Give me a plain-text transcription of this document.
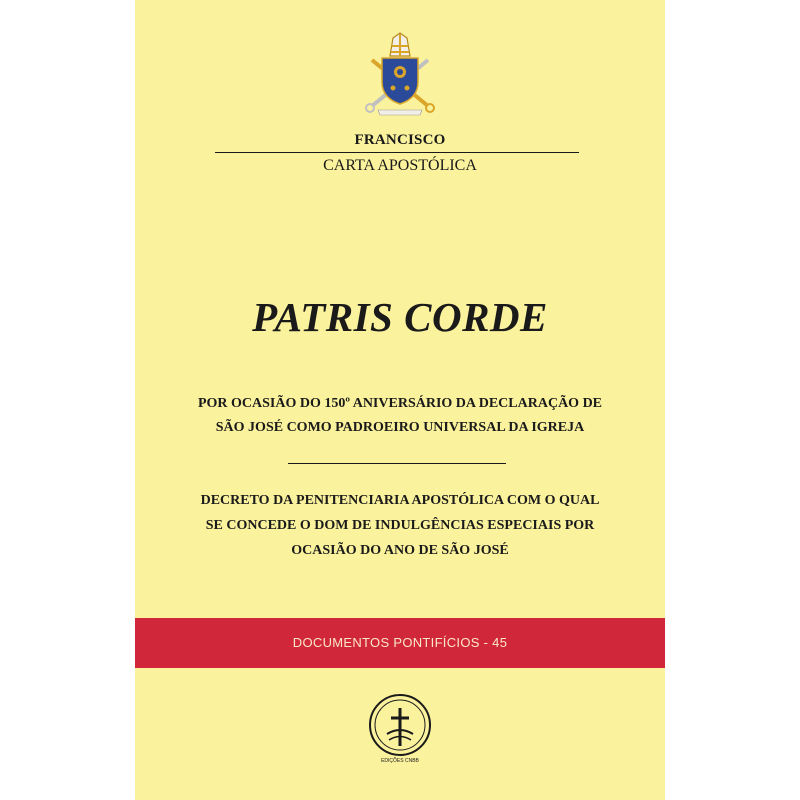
FRANCISCO
CARTA APOSTÓLICA
PATRIS CORDE
POR OCASIÃO DO 150º ANIVERSÁRIO DA DECLARAÇÃO DE
SÃO JOSÉ COMO PADROEIRO UNIVERSAL DA IGREJA
DECRETO DA PENITENCIARIA APOSTÓLICA COM O QUAL
SE CONCEDE O DOM DE INDULGÊNCIAS ESPECIAIS POR
OCASIÃO DO ANO DE SÃO JOSÉ
DOCUMENTOS PONTIFÍCIOS - 45
EDIÇÕES CNBB
